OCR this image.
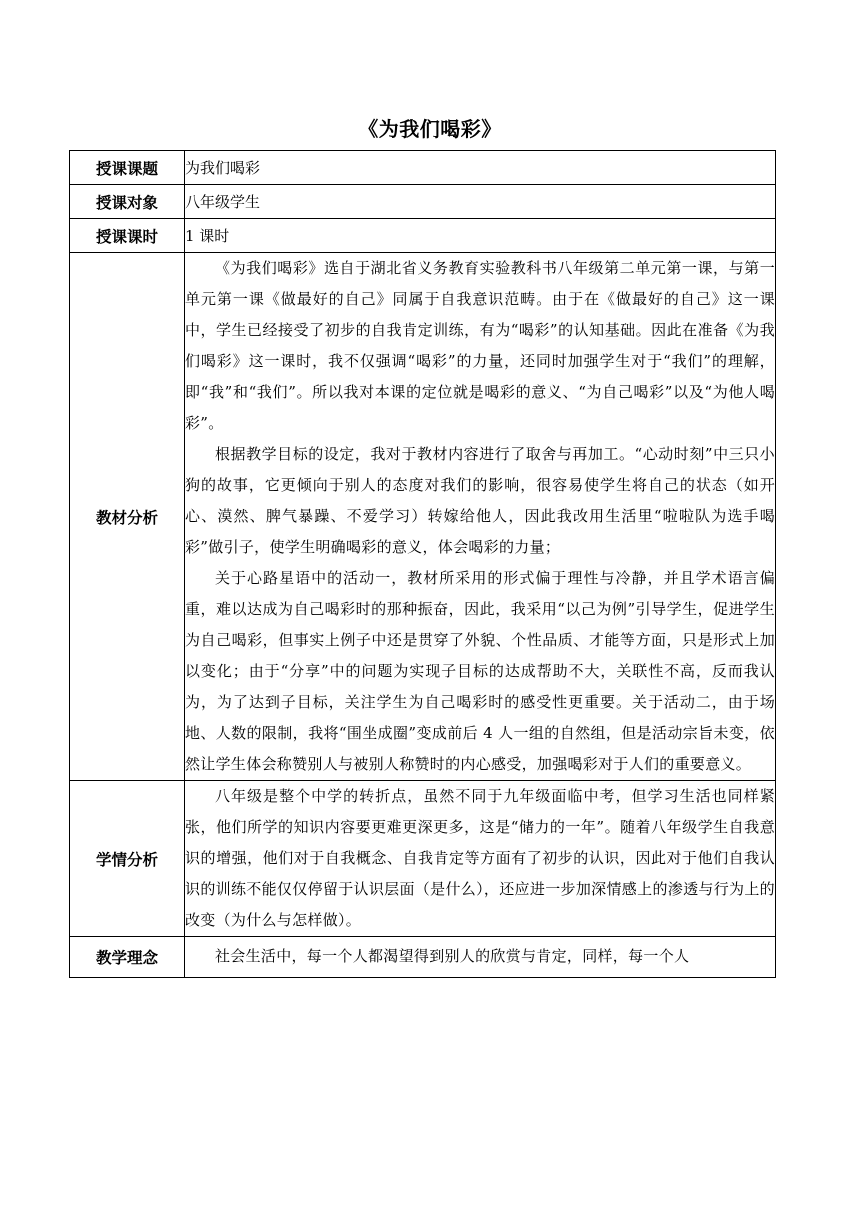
《为我们喝彩》
授课课题	为我们喝彩
授课对象	八年级学生
授课课时	1 课时
教材分析	《为我们喝彩》选自于湖北省义务教育实验教科书八年级第二单元第一课，与第一单元第一课《做最好的自己》同属于自我意识范畴。由于在《做最好的自己》这一课中，学生已经接受了初步的自我肯定训练，有为“喝彩”的认知基础。因此在准备《为我们喝彩》这一课时，我不仅强调“喝彩”的力量，还同时加强学生对于“我们”的理解，即“我”和“我们”。所以我对本课的定位就是喝彩的意义、“为自己喝彩”以及“为他人喝彩”。

根据教学目标的设定，我对于教材内容进行了取舍与再加工。“心动时刻”中三只小狗的故事，它更倾向于别人的态度对我们的影响，很容易使学生将自己的状态（如开心、漠然、脾气暴躁、不爱学习）转嫁给他人，因此我改用生活里“啦啦队为选手喝彩”做引子，使学生明确喝彩的意义，体会喝彩的力量；

关于心路星语中的活动一，教材所采用的形式偏于理性与冷静，并且学术语言偏重，难以达成为自己喝彩时的那种振奋，因此，我采用“以己为例”引导学生，促进学生为自己喝彩，但事实上例子中还是贯穿了外貌、个性品质、才能等方面，只是形式上加以变化；由于“分享”中的问题为实现子目标的达成帮助不大，关联性不高，反而我认为，为了达到子目标，关注学生为自己喝彩时的感受性更重要。关于活动二，由于场地、人数的限制，我将“围坐成圈”变成前后 4 人一组的自然组，但是活动宗旨未变，依然让学生体会称赞别人与被别人称赞时的内心感受，加强喝彩对于人们的重要意义。

学情分析	八年级是整个中学的转折点，虽然不同于九年级面临中考，但学习生活也同样紧张，他们所学的知识内容要更难更深更多，这是“储力的一年”。随着八年级学生自我意识的增强，他们对于自我概念、自我肯定等方面有了初步的认识，因此对于他们自我认识的训练不能仅仅停留于认识层面（是什么），还应进一步加深情感上的渗透与行为上的改变（为什么与怎样做）。

教学理念	社会生活中，每一个人都渴望得到别人的欣赏与肯定，同样，每一个人
